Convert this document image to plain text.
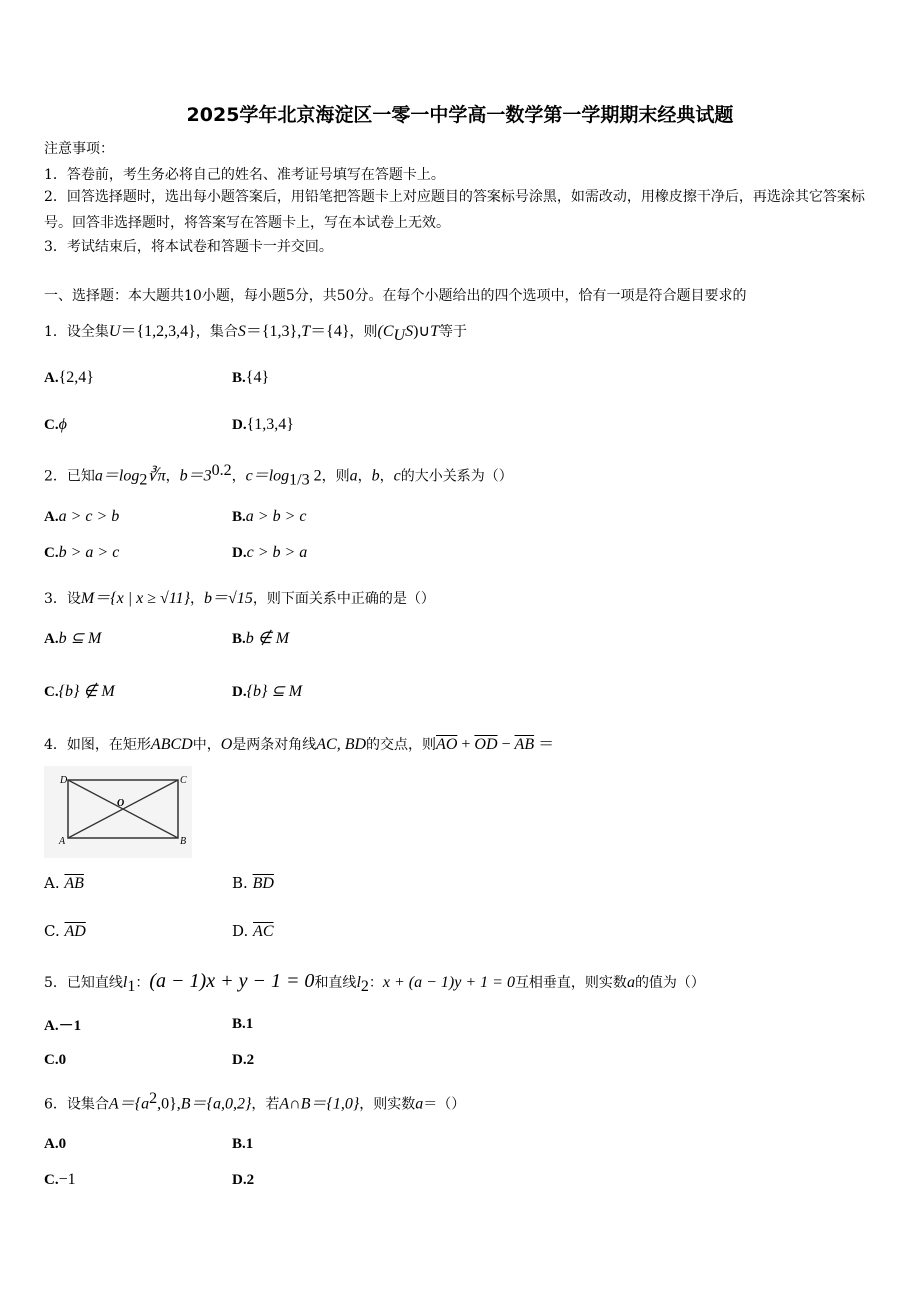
2025学年北京海淀区一零一中学高一数学第一学期期末经典试题
注意事项：
1．答卷前，考生务必将自己的姓名、准考证号填写在答题卡上。
2．回答选择题时，选出每小题答案后，用铅笔把答题卡上对应题目的答案标号涂黑，如需改动，用橡皮擦干净后，再选涂其它答案标号。回答非选择题时，将答案写在答题卡上，写在本试卷上无效。
3．考试结束后，将本试卷和答题卡一并交回。
一、选择题：本大题共10小题，每小题5分，共50分。在每个小题给出的四个选项中，恰有一项是符合题目要求的
1．设全集U＝{1,2,3,4}，集合S＝{1,3},T＝{4}，则$(C_US)\cup T$等于
A.{2,4}	B.{4}
C.ϕ	D.{1,3,4}
2．已知$a=\log_2∛\pi$，$b=3^{0.2}$，$c=\log_{1/3}$ 2，则a，b，c的大小关系为（）
A.a > c > b	B.a > b > c
C.b > a > c	D.c > b > a
3．设M＝{x | x ≥ √11}，b＝√15，则下面关系中正确的是（）
A.b ⊆ M	B.b ∉ M
C.{b} ∉ M	D.{b} ⊆ M
4．如图，在矩形ABCD中，O是两条对角线AC, BD的交点，则$\overline{AO} + \overline{OD} - \overline{AB}$ ＝
D	C
O
A	B
A. $\overline{AB}$	B. $\overline{BD}$
C. $\overline{AD}$	D. $\overline{AC}$
5．已知直线$l_1$：(a − 1)x + y − 1 = 0和直线$l_2$：x + (a − 1)y + 1 = 0互相垂直，则实数a的值为（）
A.－1	B.1
C.0	D.2
6．设集合$A=\{a^2,0\},B=\{a,0,2\}$，若A∩B＝{1,0}，则实数a＝（）
A.0	B.1
C.−1	D.2
